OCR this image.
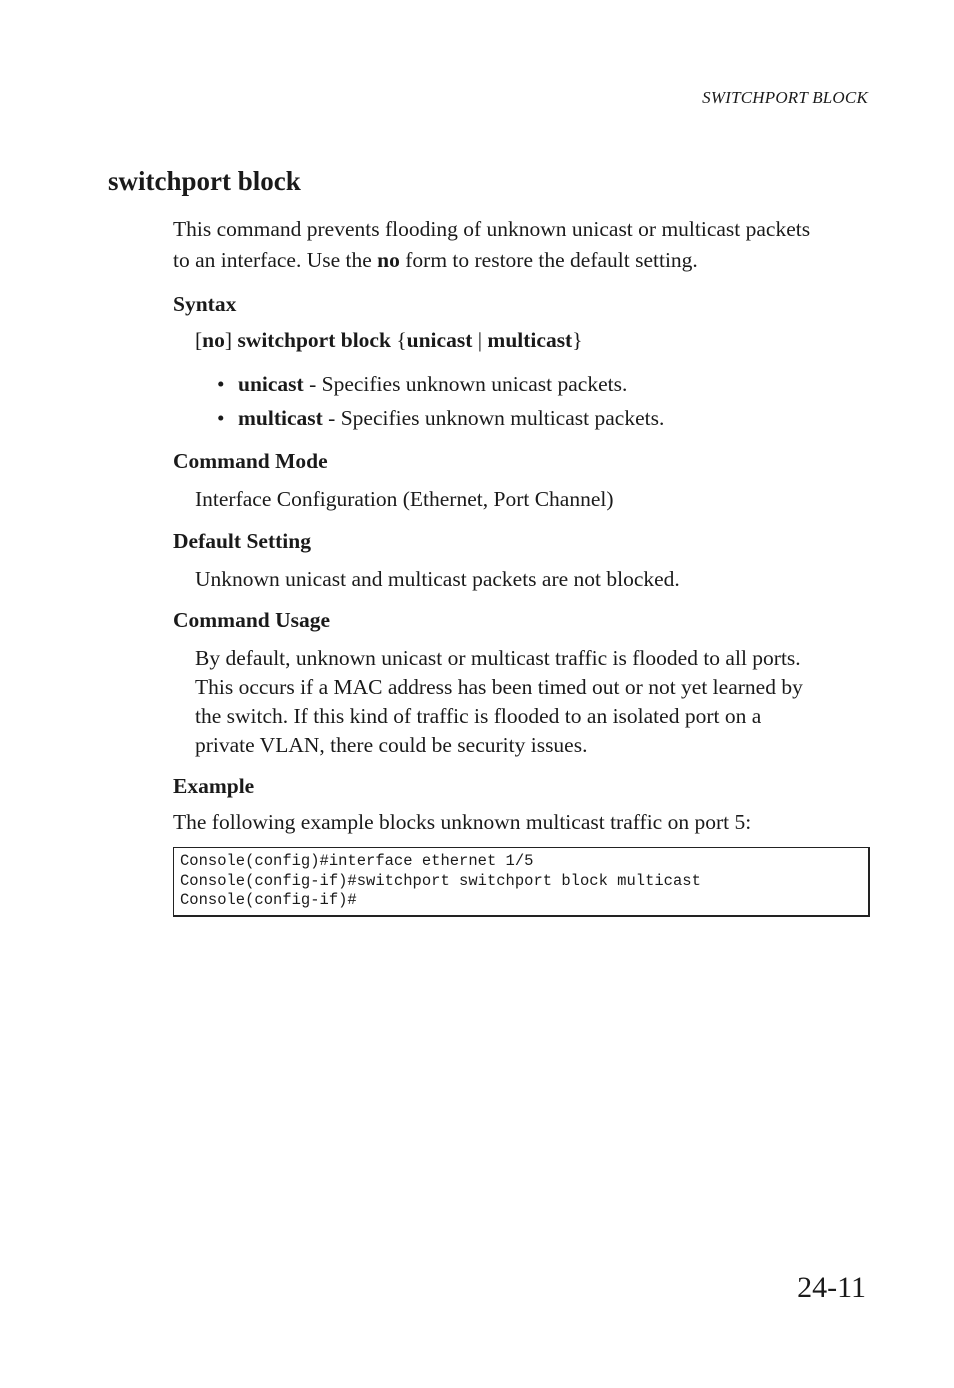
SWITCHPORT BLOCK
switchport block

This command prevents flooding of unknown unicast or multicast packets
to an interface. Use the no form to restore the default setting.

Syntax

[no] switchport block {unicast | multicast}

• unicast - Specifies unknown unicast packets.
• multicast - Specifies unknown multicast packets.
Command Mode

Interface Configuration (Ethernet, Port Channel)

Default Setting

Unknown unicast and multicast packets are not blocked.

Command Usage

By default, unknown unicast or multicast traffic is flooded to all ports.
This occurs if a MAC address has been timed out or not yet learned by
the switch. If this kind of traffic is flooded to an isolated port on a
private VLAN, there could be security issues.

Example

The following example blocks unknown multicast traffic on port 5:

Console(config)#interface ethernet 1/5
Console(config-if)#switchport switchport block multicast
Console(config-if)#
24-11
